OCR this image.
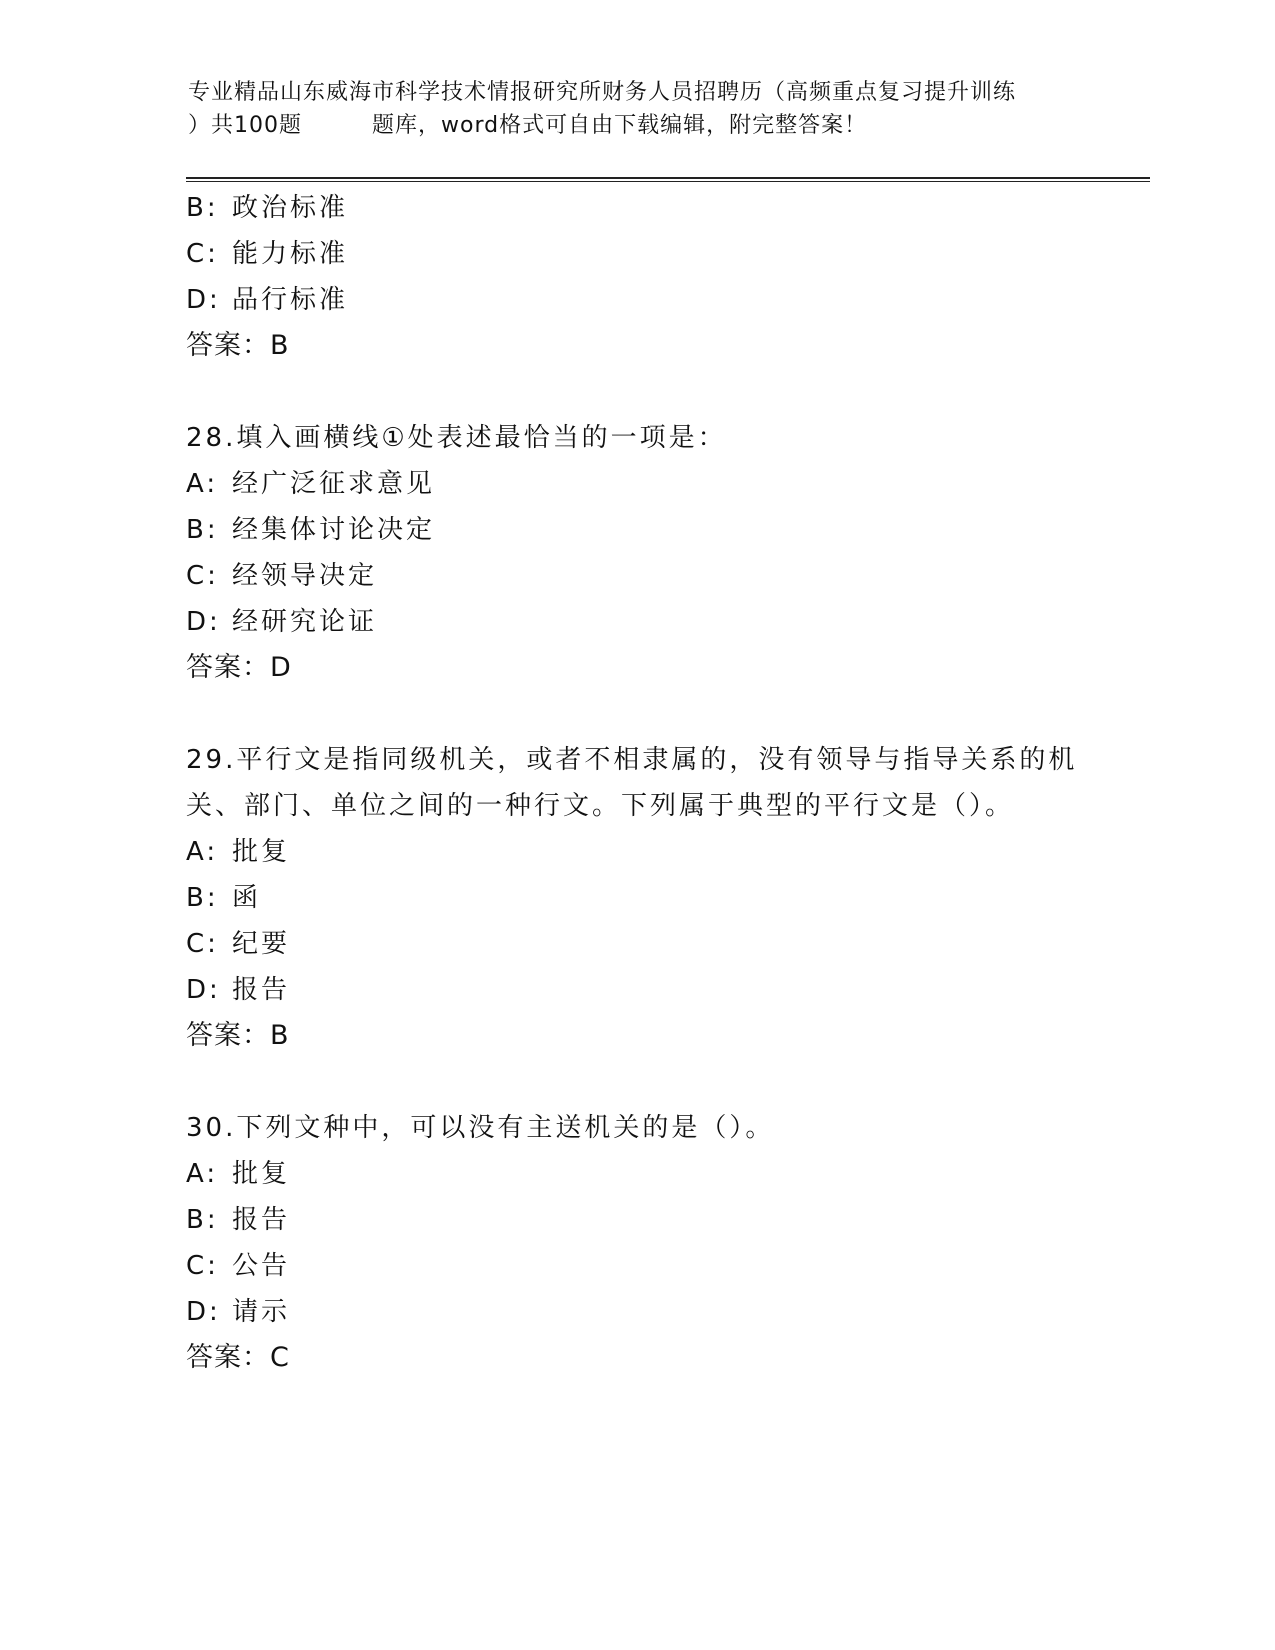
专业精品山东威海市科学技术情报研究所财务人员招聘历（高频重点复习提升训练
）共100题	题库，word格式可自由下载编辑，附完整答案！
B: 政治标准
C: 能力标准
D: 品行标准
答案：B
28.填入画横线①处表述最恰当的一项是：
A: 经广泛征求意见
B: 经集体讨论决定
C: 经领导决定
D: 经研究论证
答案：D
29.平行文是指同级机关，或者不相隶属的，没有领导与指导关系的机
关、部门、单位之间的一种行文。下列属于典型的平行文是（）。
A: 批复
B: 函
C: 纪要
D: 报告
答案：B
30.下列文种中，可以没有主送机关的是（）。
A: 批复
B: 报告
C: 公告
D: 请示
答案：C
